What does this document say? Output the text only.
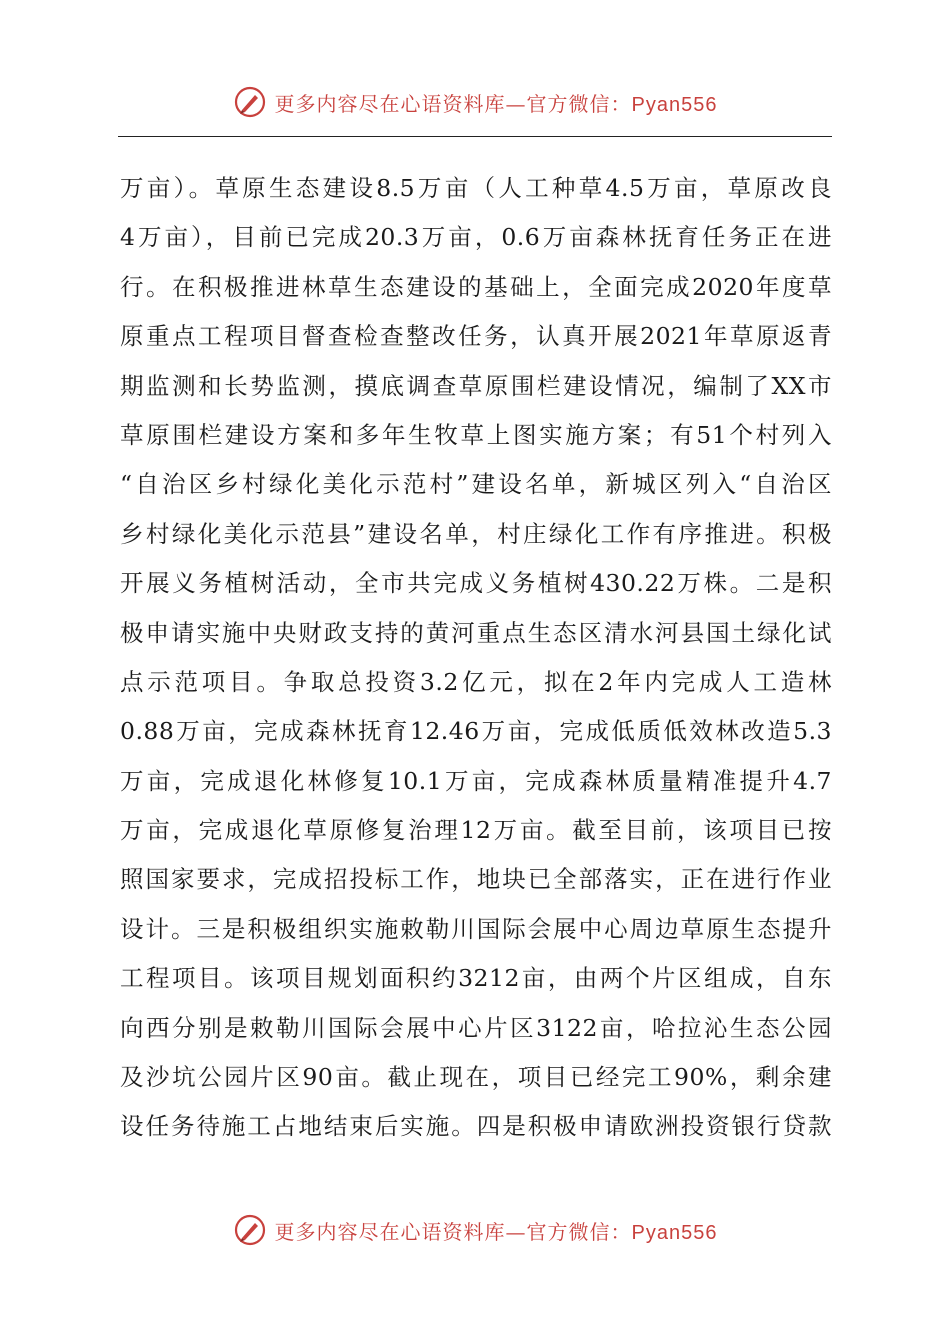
更多内容尽在心语资料库—官方微信：Pyan556
万亩）。草原生态建设8.5万亩（人工种草4.5万亩，草原改良
4万亩），目前已完成20.3万亩，0.6万亩森林抚育任务正在进
行。在积极推进林草生态建设的基础上，全面完成2020年度草
原重点工程项目督查检查整改任务，认真开展2021年草原返青
期监测和长势监测，摸底调查草原围栏建设情况，编制了XX市
草原围栏建设方案和多年生牧草上图实施方案；有51个村列入
“自治区乡村绿化美化示范村”建设名单，新城区列入“自治区
乡村绿化美化示范县”建设名单，村庄绿化工作有序推进。积极
开展义务植树活动，全市共完成义务植树430.22万株。二是积
极申请实施中央财政支持的黄河重点生态区清水河县国土绿化试
点示范项目。争取总投资3.2亿元，拟在2年内完成人工造林
0.88万亩，完成森林抚育12.46万亩，完成低质低效林改造5.3
万亩，完成退化林修复10.1万亩，完成森林质量精准提升4.7
万亩，完成退化草原修复治理12万亩。截至目前，该项目已按
照国家要求，完成招投标工作，地块已全部落实，正在进行作业
设计。三是积极组织实施敕勒川国际会展中心周边草原生态提升
工程项目。该项目规划面积约3212亩，由两个片区组成，自东
向西分别是敕勒川国际会展中心片区3122亩，哈拉沁生态公园
及沙坑公园片区90亩。截止现在，项目已经完工90%，剩余建
设任务待施工占地结束后实施。四是积极申请欧洲投资银行贷款
更多内容尽在心语资料库—官方微信：Pyan556
